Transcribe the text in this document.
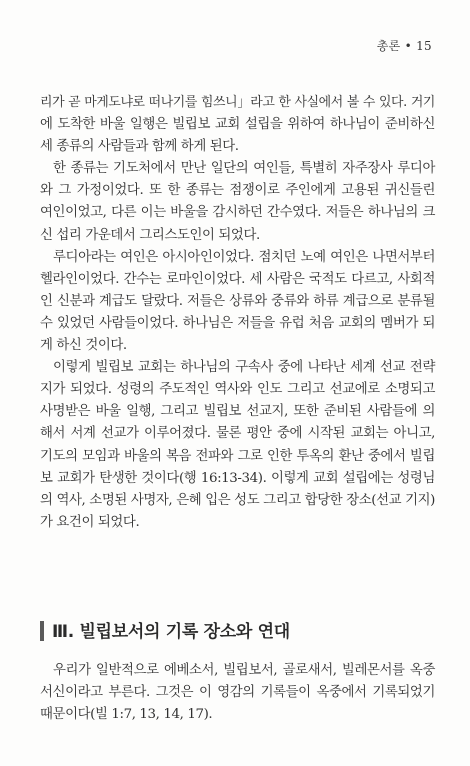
총론 • 15
리가 곧 마게도냐로 떠나기를 힘쓰니」라고 한 사실에서 볼 수 있다. 거기
에 도착한 바울 일행은 빌립보 교회 설립을 위하여 하나님이 준비하신
세 종류의 사람들과 함께 하게 된다.
한 종류는 기도처에서 만난 일단의 여인들, 특별히 자주장사 루디아
와 그 가정이었다. 또 한 종류는 점쟁이로 주인에게 고용된 귀신들린
여인이었고, 다른 이는 바울을 감시하던 간수였다. 저들은 하나님의 크
신 섭리 가운데서 그리스도인이 되었다.
루디아라는 여인은 아시아인이었다. 점치던 노예 여인은 나면서부터
헬라인이었다. 간수는 로마인이었다. 세 사람은 국적도 다르고, 사회적
인 신분과 계급도 달랐다. 저들은 상류와 중류와 하류 계급으로 분류될
수 있었던 사람들이었다. 하나님은 저들을 유럽 처음 교회의 멤버가 되
게 하신 것이다.
이렇게 빌립보 교회는 하나님의 구속사 중에 나타난 세계 선교 전략
지가 되었다. 성령의 주도적인 역사와 인도 그리고 선교에로 소명되고
사명받은 바울 일행, 그리고 빌립보 선교지, 또한 준비된 사람들에 의
해서 서계 선교가 이루어졌다. 물론 평안 중에 시작된 교회는 아니고,
기도의 모임과 바울의 복음 전파와 그로 인한 투옥의 환난 중에서 빌립
보 교회가 탄생한 것이다(행 16:13-34). 이렇게 교회 설립에는 성령님
의 역사, 소명된 사명자, 은혜 입은 성도 그리고 합당한 장소(선교 기지)
가 요건이 되었다.
Ⅲ. 빌립보서의 기록 장소와 연대
우리가 일반적으로 에베소서, 빌립보서, 골로새서, 빌레몬서를 옥중
서신이라고 부른다. 그것은 이 영감의 기록들이 옥중에서 기록되었기
때문이다(빌 1:7, 13, 14, 17).
